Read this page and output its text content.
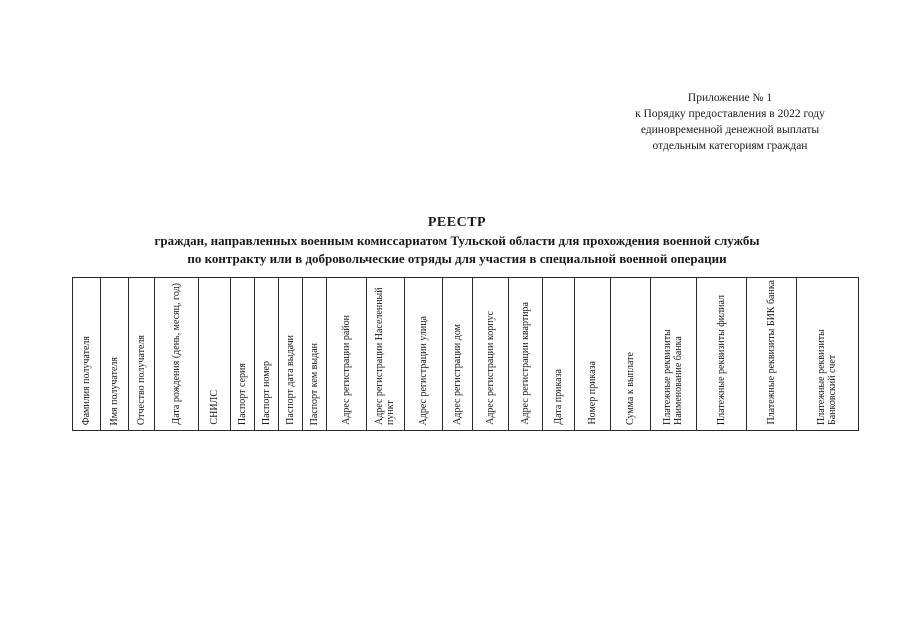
Приложение № 1
к Порядку предоставления в 2022 году
единовременной денежной выплаты
отдельным категориям граждан
РЕЕСТР
граждан, направленных военным комиссариатом Тульской области для прохождения военной службы
по контракту или в добровольческие отряды для участия в специальной военной операции
Фамилия получателя	Имя получателя	Отчество получателя	Дата рождения (день, месяц, год)	СНИЛС	Паспорт серия	Паспорт номер	Паспорт дата выдачи	Паспорт кем выдан	Адрес регистрации район	Адрес регистрации Населенный пункт	Адрес регистрации улица	Адрес регистрации дом	Адрес регистрации корпус	Адрес регистрации квартира	Дата приказа	Номер приказа	Сумма к выплате	Платежные реквизиты Наименование банка	Платежные реквизиты филиал	Платежные реквизиты БИК банка	Платежные реквизиты Банковский счет
